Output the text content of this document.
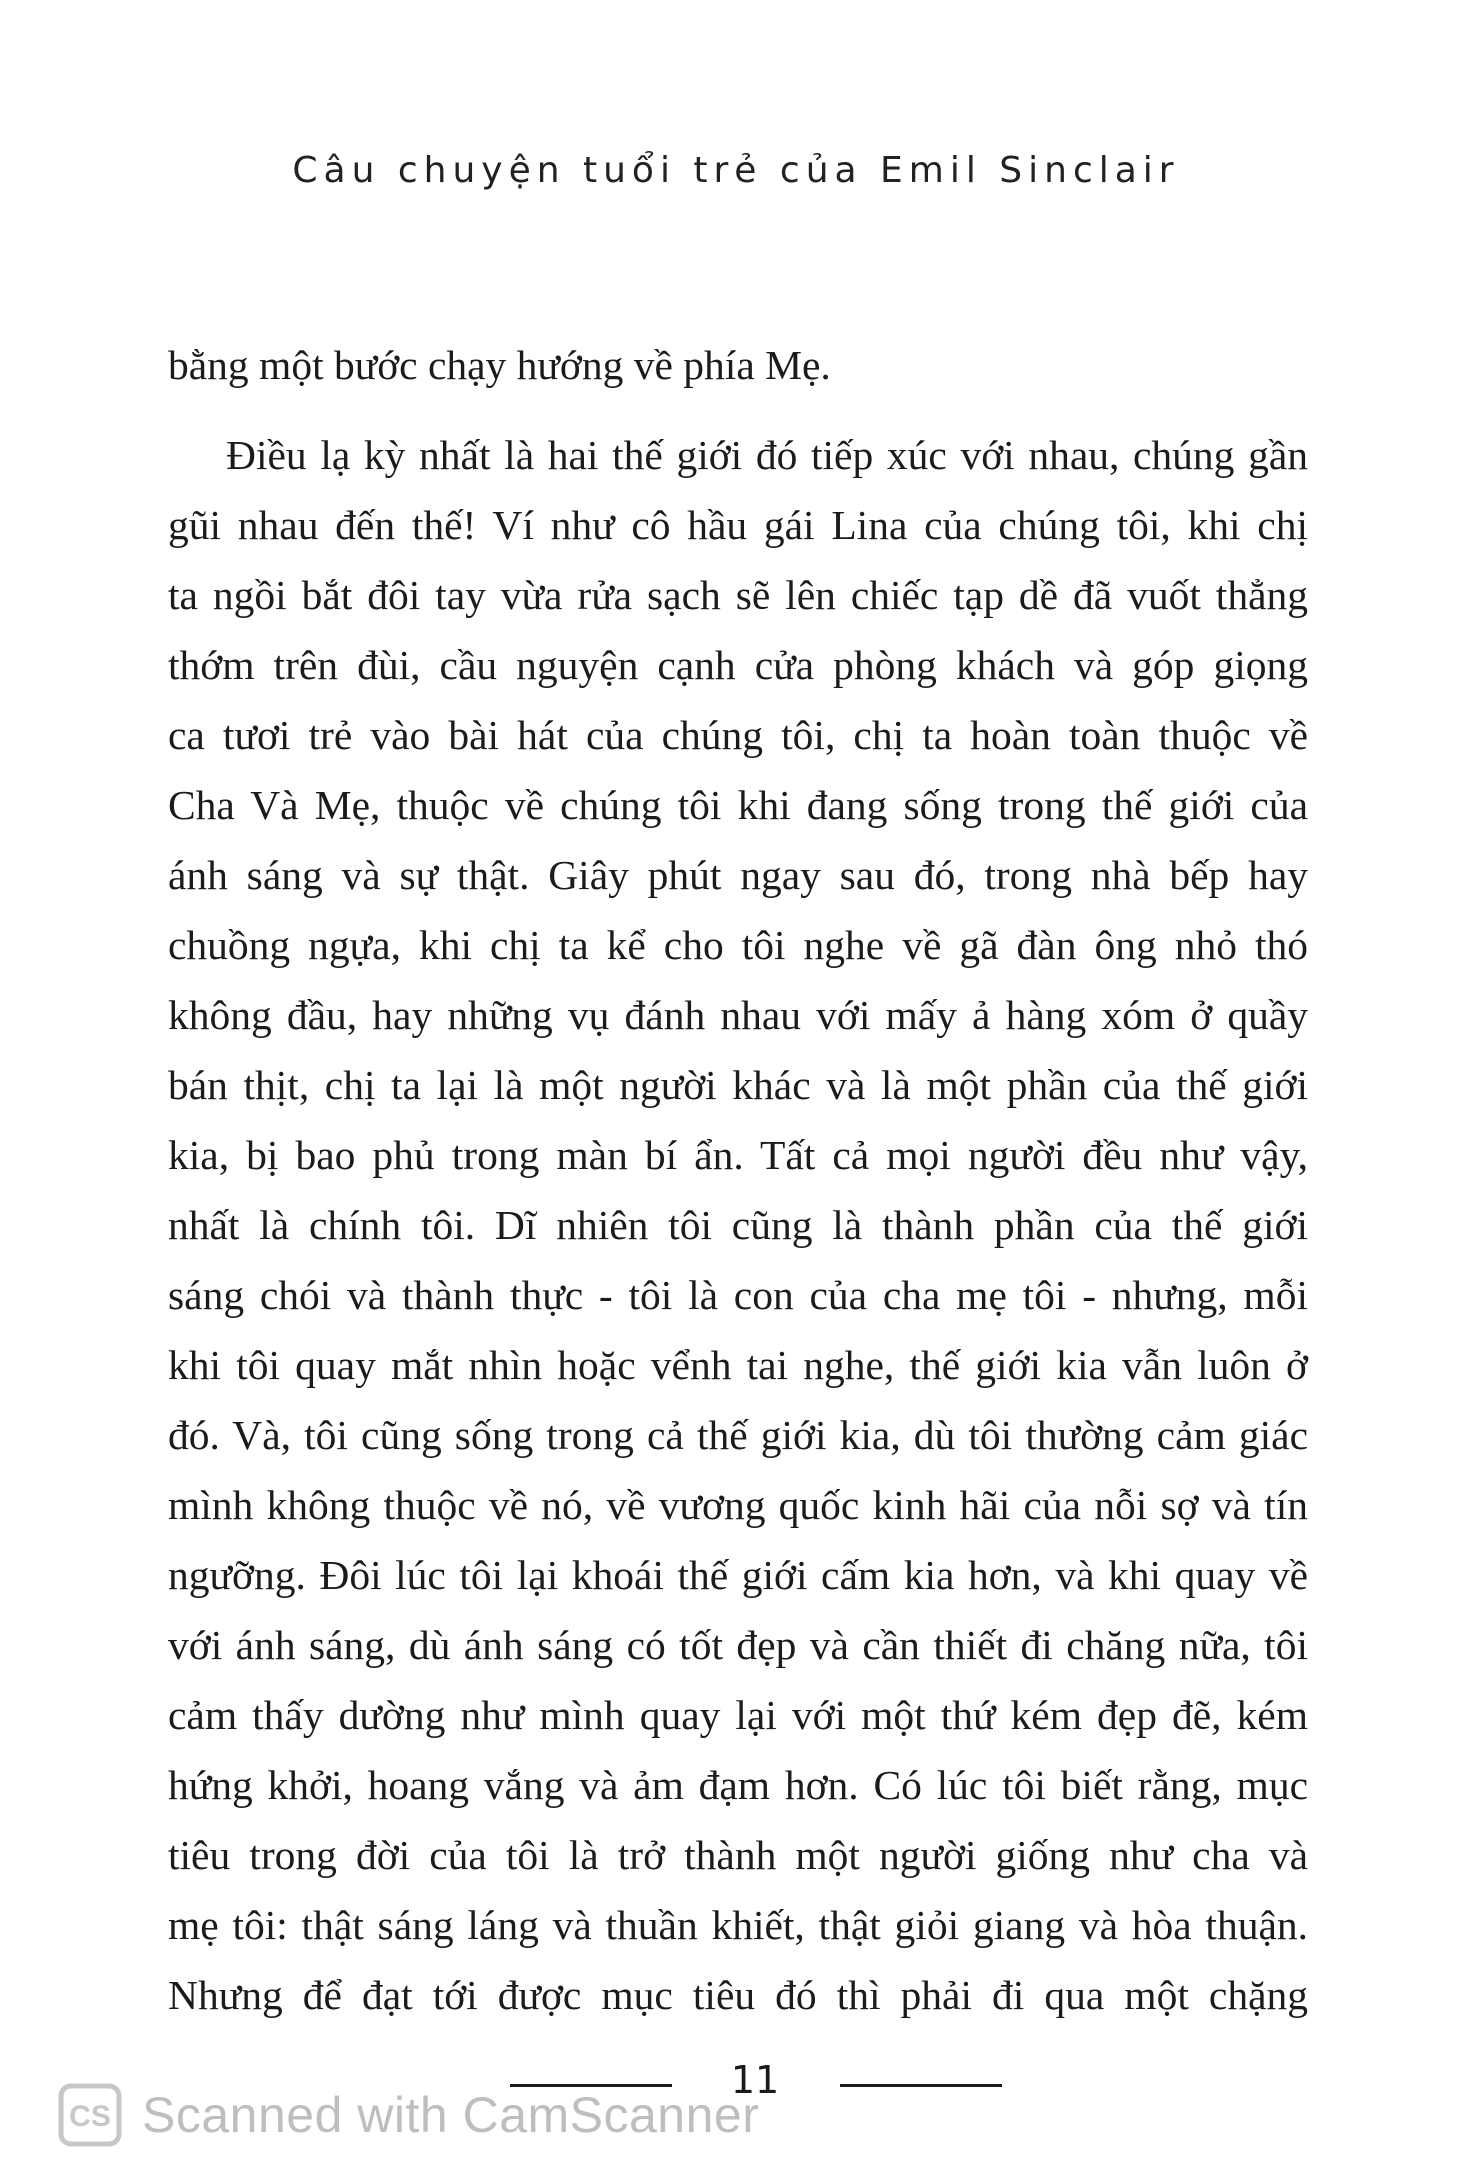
Câu chuyện tuổi trẻ của Emil Sinclair
bằng một bước chạy hướng về phía Mẹ.
Điều lạ kỳ nhất là hai thế giới đó tiếp xúc với nhau, chúng gần
gũi nhau đến thế! Ví như cô hầu gái Lina của chúng tôi, khi chị
ta ngồi bắt đôi tay vừa rửa sạch sẽ lên chiếc tạp dề đã vuốt thẳng
thớm trên đùi, cầu nguyện cạnh cửa phòng khách và góp giọng
ca tươi trẻ vào bài hát của chúng tôi, chị ta hoàn toàn thuộc về
Cha Và Mẹ, thuộc về chúng tôi khi đang sống trong thế giới của
ánh sáng và sự thật. Giây phút ngay sau đó, trong nhà bếp hay
chuồng ngựa, khi chị ta kể cho tôi nghe về gã đàn ông nhỏ thó
không đầu, hay những vụ đánh nhau với mấy ả hàng xóm ở quầy
bán thịt, chị ta lại là một người khác và là một phần của thế giới
kia, bị bao phủ trong màn bí ẩn. Tất cả mọi người đều như vậy,
nhất là chính tôi. Dĩ nhiên tôi cũng là thành phần của thế giới
sáng chói và thành thực - tôi là con của cha mẹ tôi - nhưng, mỗi
khi tôi quay mắt nhìn hoặc vểnh tai nghe, thế giới kia vẫn luôn ở
đó. Và, tôi cũng sống trong cả thế giới kia, dù tôi thường cảm giác
mình không thuộc về nó, về vương quốc kinh hãi của nỗi sợ và tín
ngưỡng. Đôi lúc tôi lại khoái thế giới cấm kia hơn, và khi quay về
với ánh sáng, dù ánh sáng có tốt đẹp và cần thiết đi chăng nữa, tôi
cảm thấy dường như mình quay lại với một thứ kém đẹp đẽ, kém
hứng khởi, hoang vắng và ảm đạm hơn. Có lúc tôi biết rằng, mục
tiêu trong đời của tôi là trở thành một người giống như cha và
mẹ tôi: thật sáng láng và thuần khiết, thật giỏi giang và hòa thuận.
Nhưng để đạt tới được mục tiêu đó thì phải đi qua một chặng
11
CS Scanned with CamScanner
